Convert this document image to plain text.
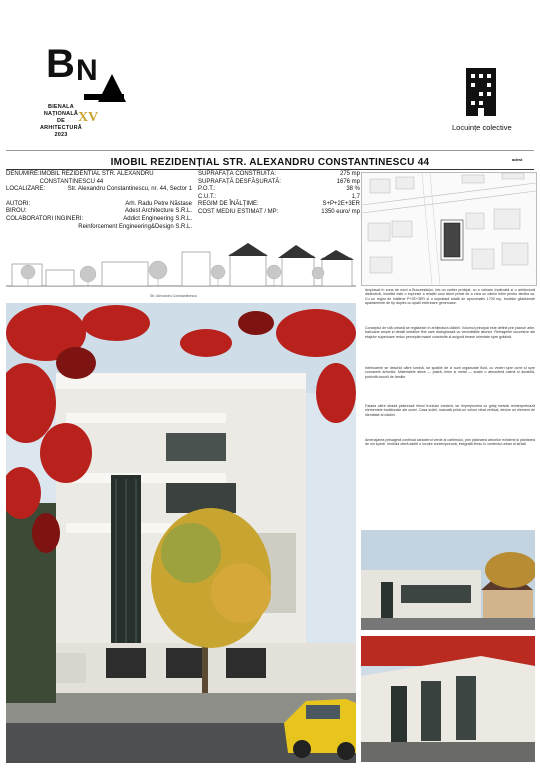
B N
BIENALA
NAȚIONALĂ
DE
ARHITECTURĂ
2023
XV
Locuințe colective
IMOBIL REZIDENȚIAL STR. ALEXANDRU CONSTANTINESCU 44	adest
DENUMIRE: IMOBIL REZIDENTIAL STR. ALEXANDRU CONSTANTINESCU 44
LOCALIZARE:	Str. Alexandru Constantinescu, nr. 44, Sector 1
AUTORI:	Arh. Radu Petre Năstase
BIROU:	Adest Architecture S.R.L.
COLABORATORI INGINERI:	Addict Engineering S.R.L.
Reinforcement Engineering&Design S.R.L.
SUPRAFAȚĂ CONSTRUITĂ:	275 mp
SUPRAFAȚĂ DESFĂȘURATĂ:	1676 mp
P.O.T.:	38 %
C.U.T.:	1,7
REGIM DE ÎNĂLȚIME:	S+P+2E+3ER
COST MEDIU ESTIMAT / MP:	1350 euro/ mp
Str. Alexandru Constantinescu
Amplasat în zona de nord a Bucureștiului, într-un cartier protejat, cu o valoare încărcată și o arhitectură distinctivă, imobilul este o expresie a relației unui client privat de a crea un cămin intim pentru familia sa. Cu un regim de înălțime P+2E+3ER și o suprafață totală de aproximativ 1700 mp, imobilul găzduiește apartamente de tip duplex cu spații exterioare generoase.
Conceptul de vilă urbană se regăsește în arhitectura clădirii. Volumul principal este definit prin planuri albe, balcoane ample și detalii metalice fine care dialoghează cu vecinătățile istorice. Retragerile succesive ale etajelor superioare reduc percepția masei construite și asigură terase orientate spre grădină.
Interioarele se deschid către lumină, iar spațiile de zi sunt organizate fluid, cu vederi spre curte și spre coroanele arborilor. Materialele alese — piatră, lemn și metal — susțin o atmosferă calmă și durabilă, potrivită locuirii de familie.
Fațada către stradă păstrează ritmul frontului existent, iar împrejmuirea cu grilaj metalic reinterpretează elementele tradiționale ale zonei. Casa scării, marcată printr-un volum vitrat vertical, devine un element de identitate al clădirii.
Amenajarea peisageră continuă caracterul verde al cartierului, prin păstrarea arborilor existenți și plantarea de noi specii. Imobilul oferă astfel o locuire contemporană, integrată firesc în contextul urban al străzii.
